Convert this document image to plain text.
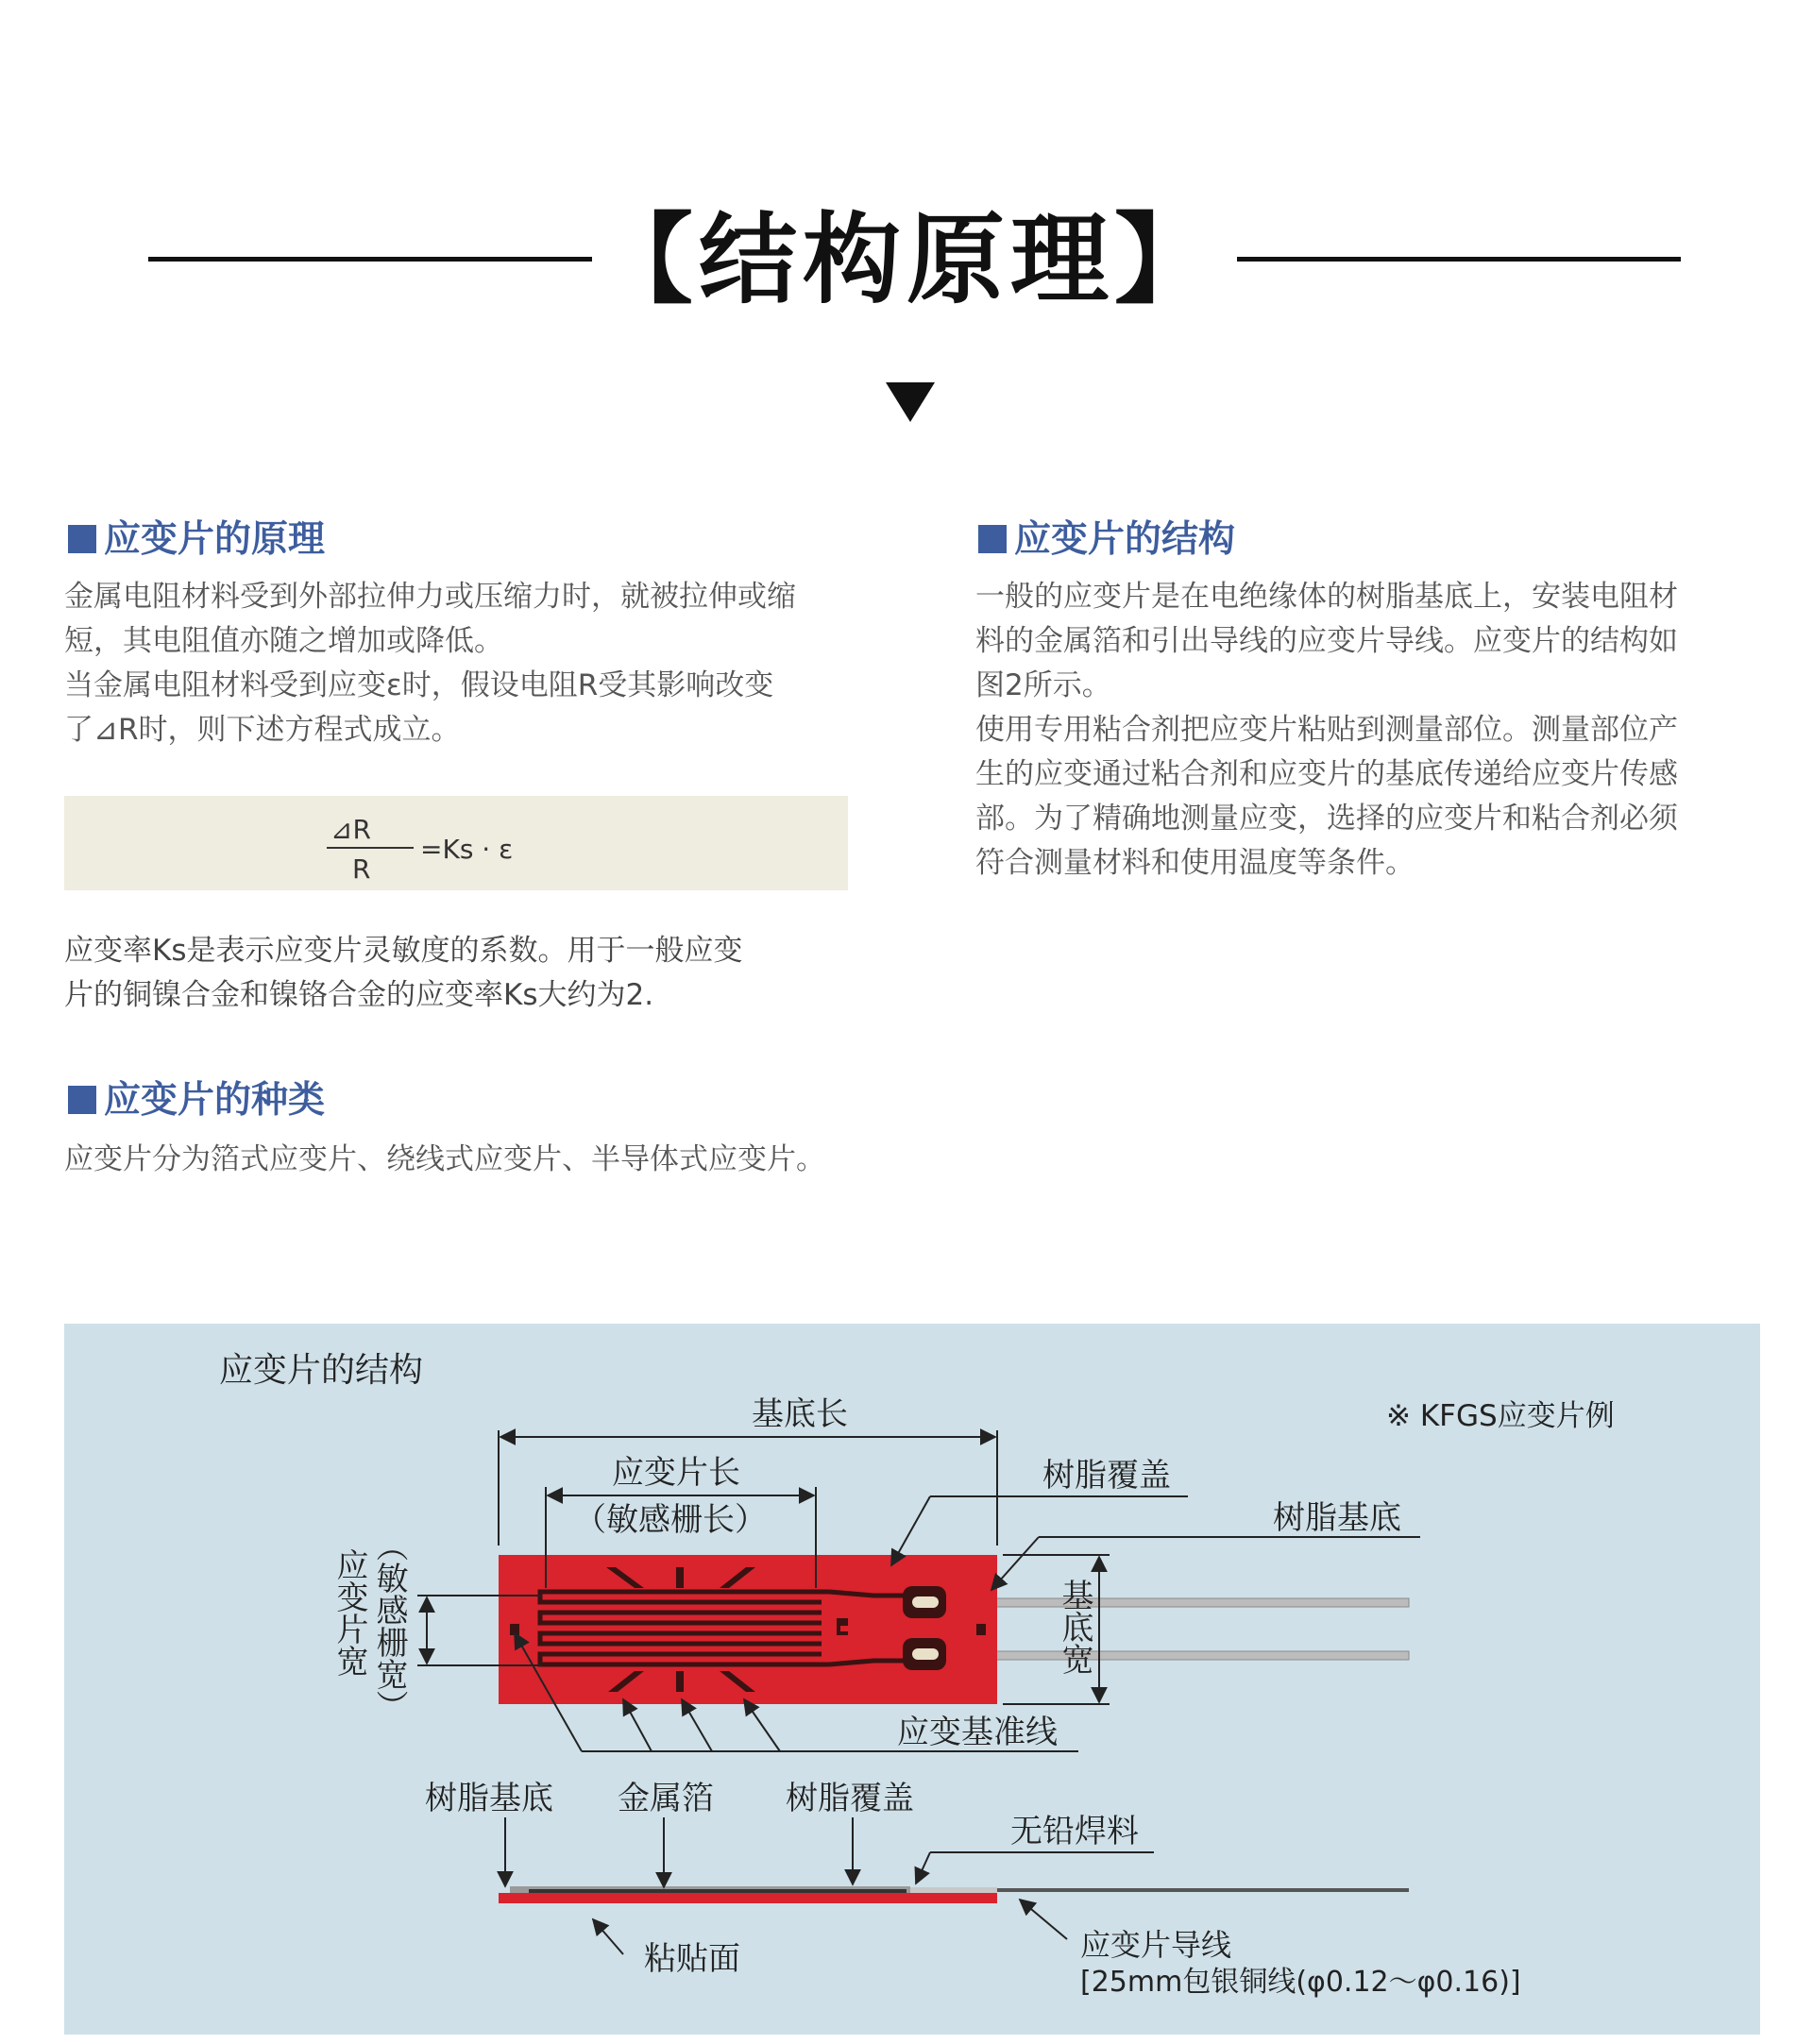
【结构原理】
应变片的原理

金属电阻材料受到外部拉伸力或压缩力时，就被拉伸或缩

短，其电阻值亦随之增加或降低。

当金属电阻材料受到应变ε时，假设电阻R受其影响改变

了⊿R时，则下述方程式成立。

⊿R
R
=Ks · ε

应变率Ks是表示应变片灵敏度的系数。用于一般应变

片的铜镍合金和镍铬合金的应变率Ks大约为2.

应变片的种类
应变片分为箔式应变片、绕线式应变片、半导体式应变片。
应变片的结构

一般的应变片是在电绝缘体的树脂基底上，安装电阻材

料的金属箔和引出导线的应变片导线。应变片的结构如

图2所示。

使用专用粘合剂把应变片粘贴到测量部位。测量部位产

生的应变通过粘合剂和应变片的基底传递给应变片传感

部。为了精确地测量应变，选择的应变片和粘合剂必须

符合测量材料和使用温度等条件。

应变片的结构
※ KFGS应变片例
基底长
应变片长
（敏感栅长）
树脂覆盖
树脂基底
应变片宽 （敏感栅宽）	基底宽
应变基准线
树脂基底 金属箔 树脂覆盖
无铅焊料
粘贴面	应变片导线
[25mm包银铜线(φ0.12～φ0.16)]
